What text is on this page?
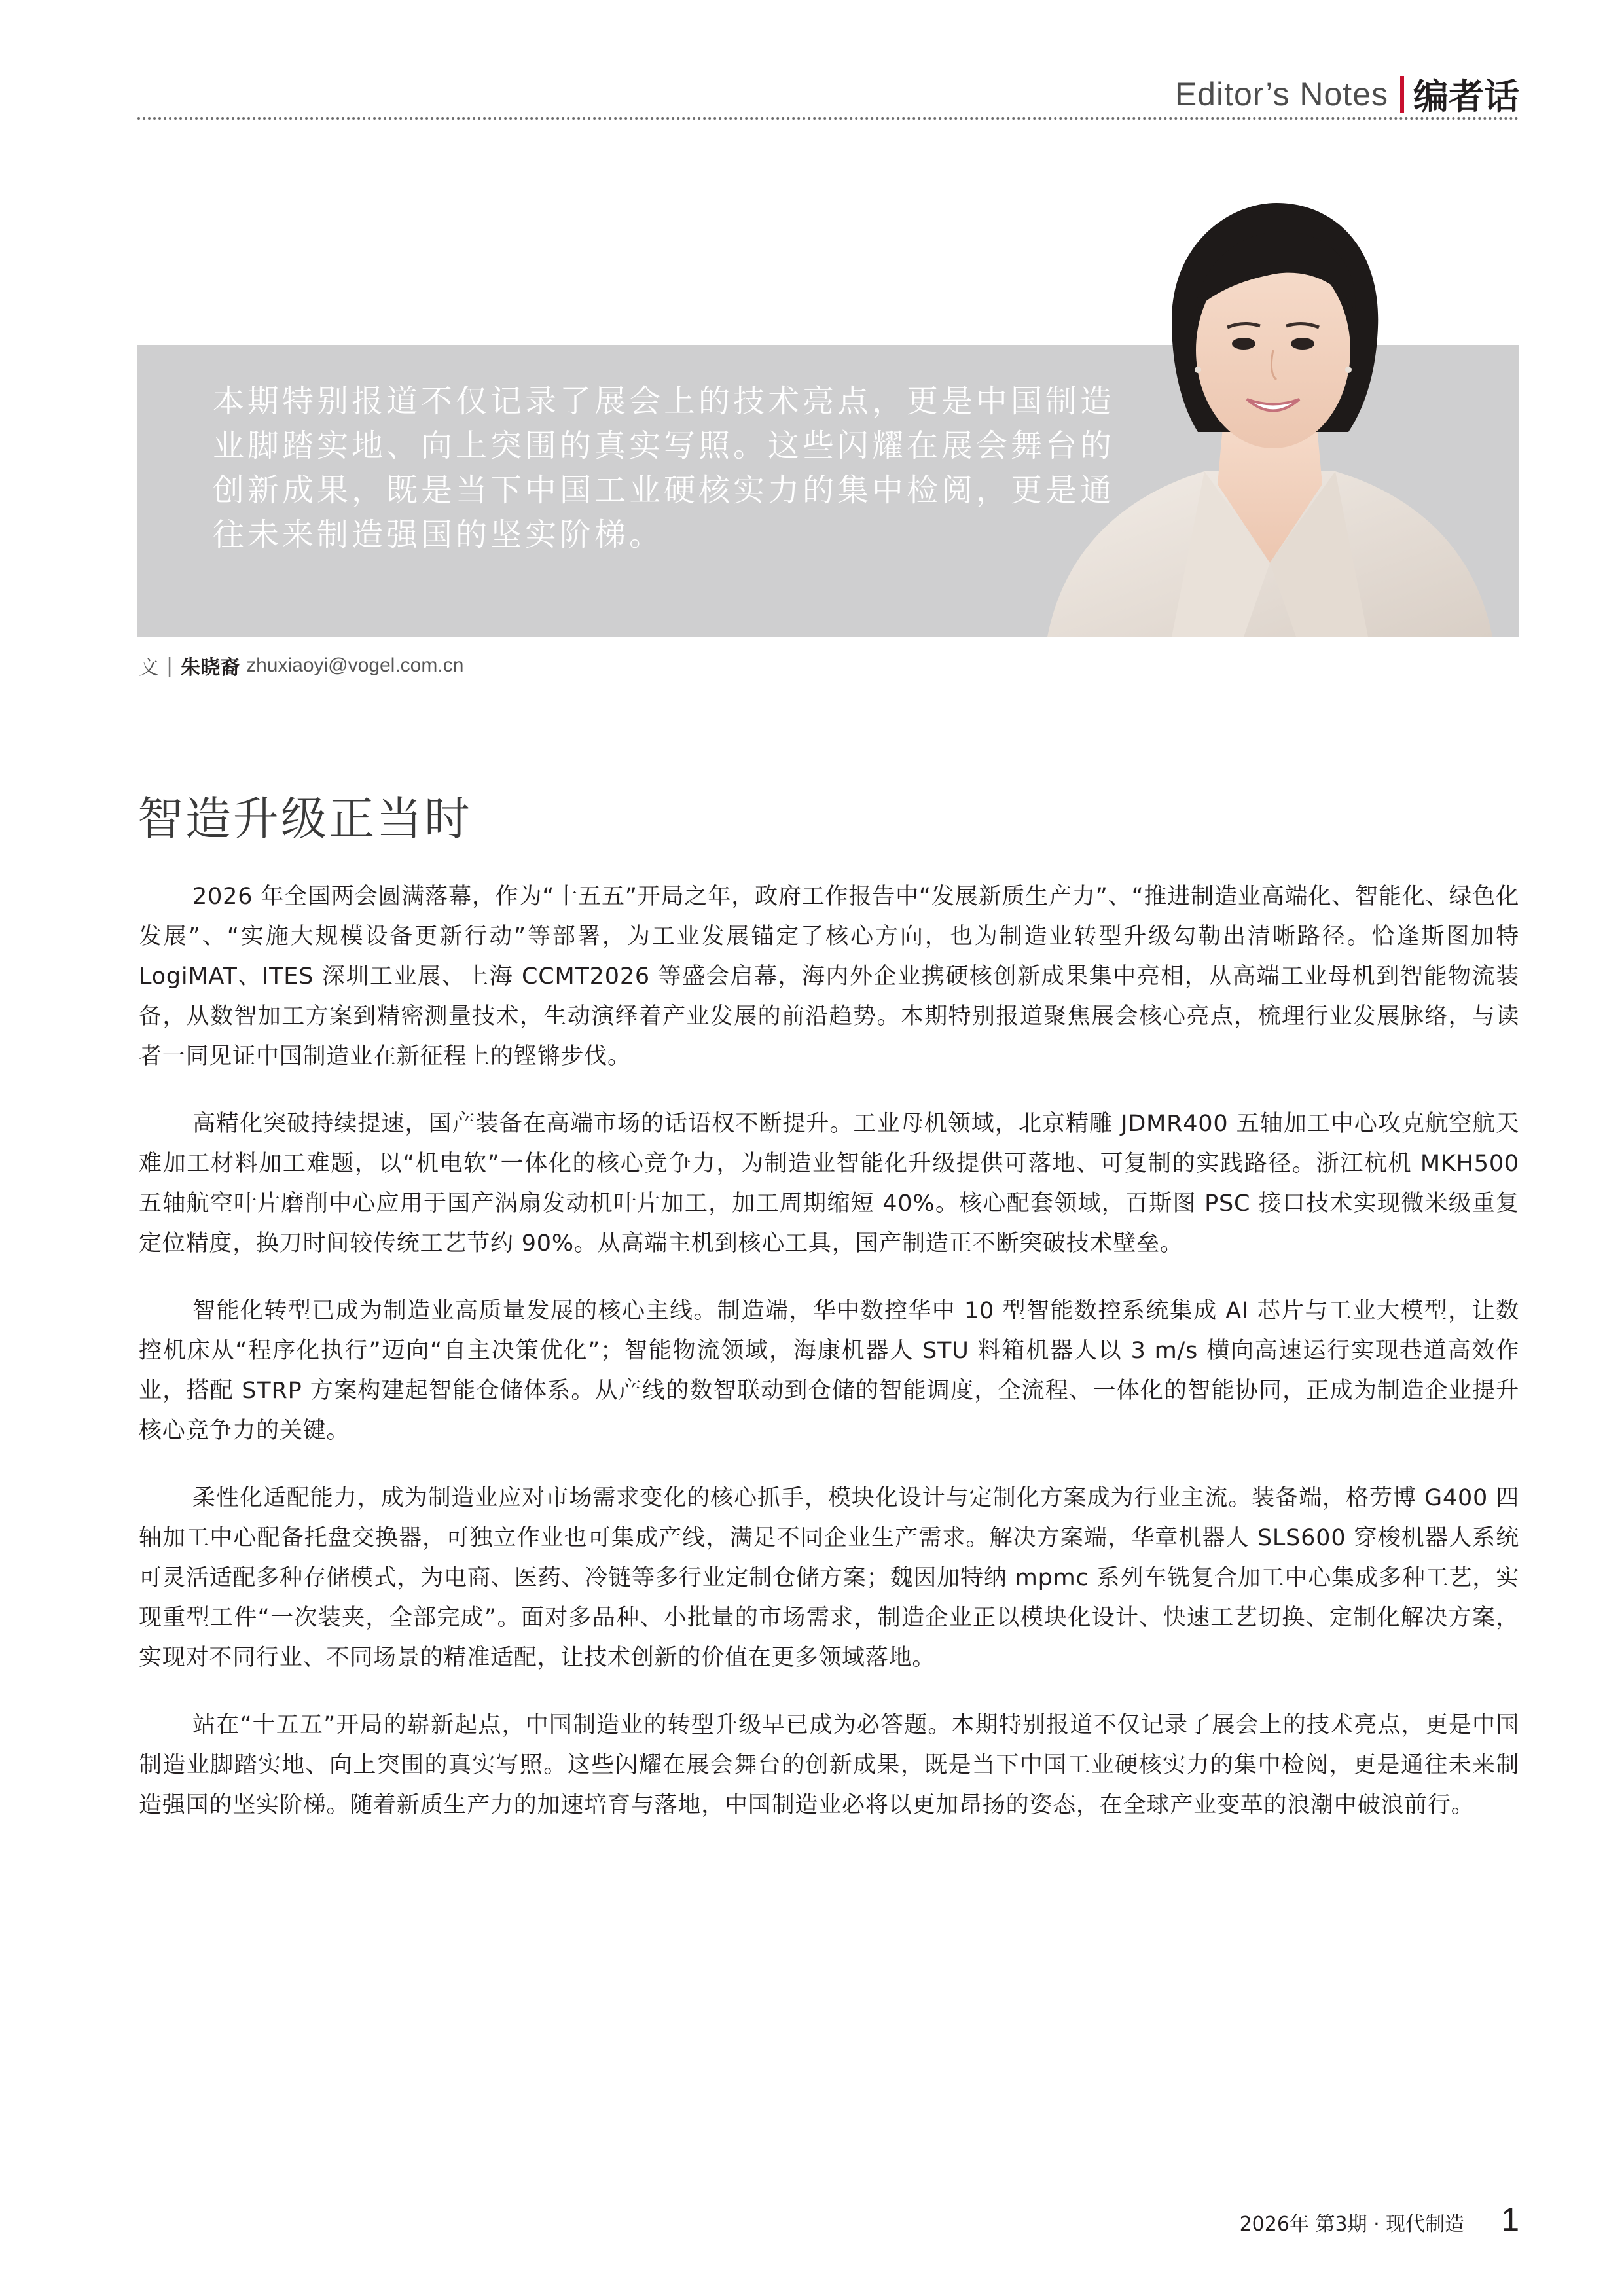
Editor’s Notes 编者话
本期特别报道不仅记录了展会上的技术亮点，更是中国制造业脚踏实地、向上突围的真实写照。这些闪耀在展会舞台的创新成果，既是当下中国工业硬核实力的集中检阅，更是通往未来制造强国的坚实阶梯。
文 | 朱晓裔 zhuxiaoyi@vogel.com.cn
智造升级正当时

2026 年全国两会圆满落幕，作为“十五五”开局之年，政府工作报告中“发展新质生产力”、“推进制造业高端化、智能化、绿色化发展”、“实施大规模设备更新行动”等部署，为工业发展锚定了核心方向，也为制造业转型升级勾勒出清晰路径。恰逢斯图加特 LogiMAT、ITES 深圳工业展、上海 CCMT2026 等盛会启幕，海内外企业携硬核创新成果集中亮相，从高端工业母机到智能物流装备，从数智加工方案到精密测量技术，生动演绎着产业发展的前沿趋势。本期特别报道聚焦展会核心亮点，梳理行业发展脉络，与读者一同见证中国制造业在新征程上的铿锵步伐。

高精化突破持续提速，国产装备在高端市场的话语权不断提升。工业母机领域，北京精雕 JDMR400 五轴加工中心攻克航空航天难加工材料加工难题，以“机电软”一体化的核心竞争力，为制造业智能化升级提供可落地、可复制的实践路径。浙江杭机 MKH500 五轴航空叶片磨削中心应用于国产涡扇发动机叶片加工，加工周期缩短 40%。核心配套领域，百斯图 PSC 接口技术实现微米级重复定位精度，换刀时间较传统工艺节约 90%。从高端主机到核心工具，国产制造正不断突破技术壁垒。

智能化转型已成为制造业高质量发展的核心主线。制造端，华中数控华中 10 型智能数控系统集成 AI 芯片与工业大模型，让数控机床从“程序化执行”迈向“自主决策优化”；智能物流领域，海康机器人 STU 料箱机器人以 3 m/s 横向高速运行实现巷道高效作业，搭配 STRP 方案构建起智能仓储体系。从产线的数智联动到仓储的智能调度，全流程、一体化的智能协同，正成为制造企业提升核心竞争力的关键。

柔性化适配能力，成为制造业应对市场需求变化的核心抓手，模块化设计与定制化方案成为行业主流。装备端，格劳博 G400 四轴加工中心配备托盘交换器，可独立作业也可集成产线，满足不同企业生产需求。解决方案端，华章机器人 SLS600 穿梭机器人系统可灵活适配多种存储模式，为电商、医药、冷链等多行业定制仓储方案；魏因加特纳 mpmc 系列车铣复合加工中心集成多种工艺，实现重型工件“一次装夹，全部完成”。面对多品种、小批量的市场需求，制造企业正以模块化设计、快速工艺切换、定制化解决方案，实现对不同行业、不同场景的精准适配，让技术创新的价值在更多领域落地。

站在“十五五”开局的崭新起点，中国制造业的转型升级早已成为必答题。本期特别报道不仅记录了展会上的技术亮点，更是中国制造业脚踏实地、向上突围的真实写照。这些闪耀在展会舞台的创新成果，既是当下中国工业硬核实力的集中检阅，更是通往未来制造强国的坚实阶梯。随着新质生产力的加速培育与落地，中国制造业必将以更加昂扬的姿态，在全球产业变革的浪潮中破浪前行。

2026年 第3期 · 现代制造 1
